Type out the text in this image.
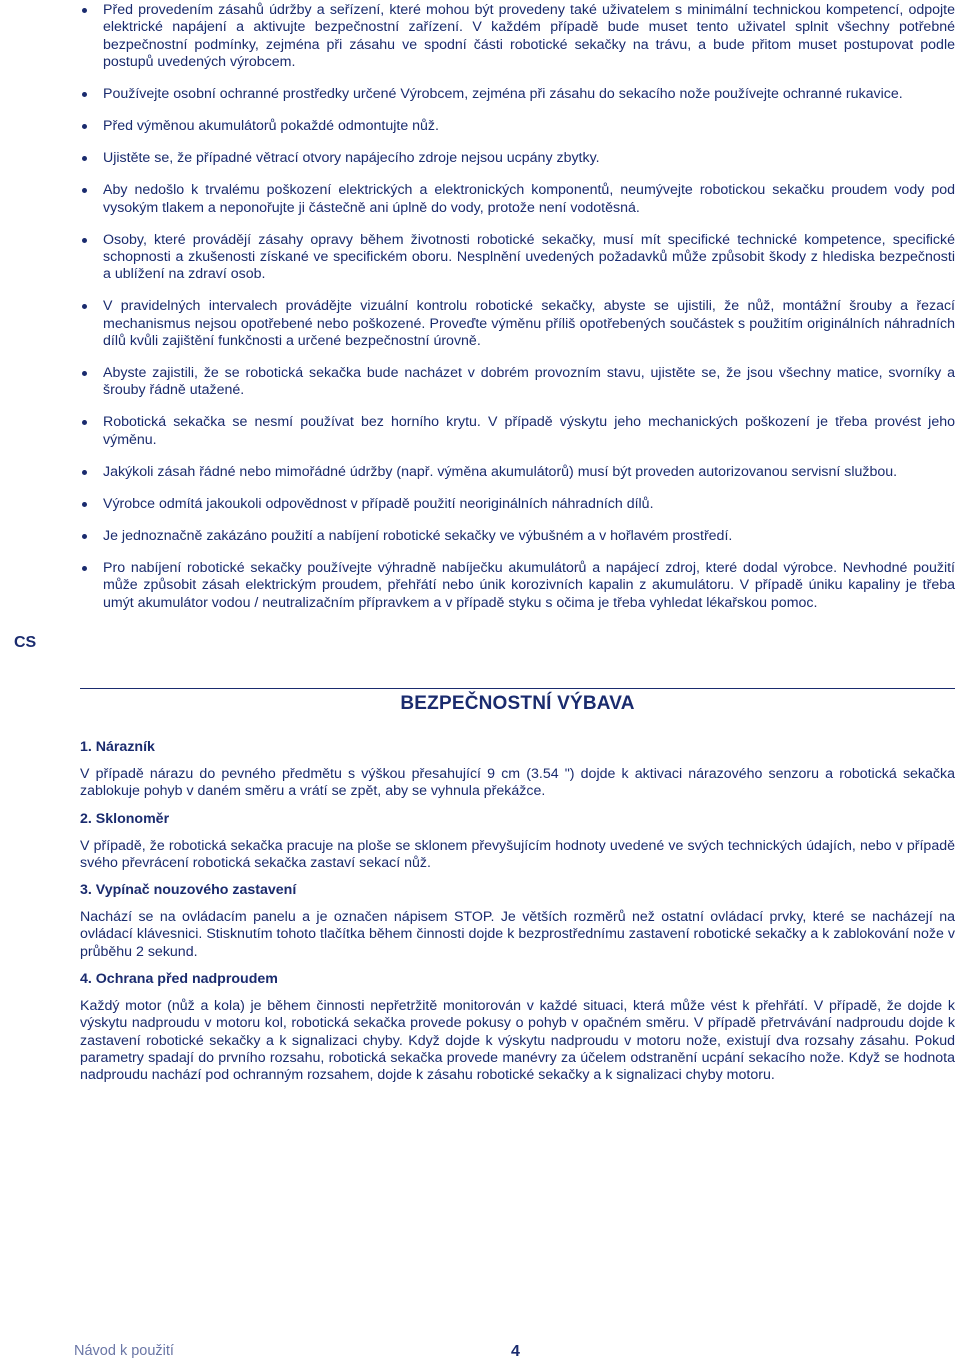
Před provedením zásahů údržby a seřízení, které mohou být provedeny také uživatelem s minimální technickou kompetencí, odpojte elektrické napájení a aktivujte bezpečnostní zařízení. V každém případě bude muset tento uživatel splnit všechny potřebné bezpečnostní podmínky, zejména při zásahu ve spodní části robotické sekačky na trávu, a bude přitom muset postupovat podle postupů uvedených výrobcem.
Používejte osobní ochranné prostředky určené Výrobcem, zejména při zásahu do sekacího nože používejte ochranné rukavice.
Před výměnou akumulátorů pokaždé odmontujte nůž.
Ujistěte se, že případné větrací otvory napájecího zdroje nejsou ucpány zbytky.
Aby nedošlo k trvalému poškození elektrických a elektronických komponentů, neumývejte robotickou sekačku proudem vody pod vysokým tlakem a neponořujte ji částečně ani úplně do vody, protože není vodotěsná.
Osoby, které provádějí zásahy opravy během životnosti robotické sekačky, musí mít specifické technické kompetence, specifické schopnosti a zkušenosti získané ve specifickém oboru. Nesplnění uvedených požadavků může způsobit škody z hlediska bezpečnosti a ublížení na zdraví osob.
V pravidelných intervalech provádějte vizuální kontrolu robotické sekačky, abyste se ujistili, že nůž, montážní šrouby a řezací mechanismus nejsou opotřebené nebo poškozené. Proveďte výměnu příliš opotřebených součástek s použitím originálních náhradních dílů kvůli zajištění funkčnosti a určené bezpečnostní úrovně.
Abyste zajistili, že se robotická sekačka bude nacházet v dobrém provozním stavu, ujistěte se, že jsou všechny matice, svorníky a šrouby řádně utažené.
Robotická sekačka se nesmí používat bez horního krytu. V případě výskytu jeho mechanických poškození je třeba provést jeho výměnu.
Jakýkoli zásah řádné nebo mimořádné údržby (např. výměna akumulátorů) musí být proveden autorizovanou servisní službou.
Výrobce odmítá jakoukoli odpovědnost v případě použití neoriginálních náhradních dílů.
Je jednoznačně zakázáno použití a nabíjení robotické sekačky ve výbušném a v hořlavém prostředí.
Pro nabíjení robotické sekačky používejte výhradně nabíječku akumulátorů a napájecí zdroj, které dodal výrobce. Nevhodné použití může způsobit zásah elektrickým proudem, přehřátí nebo únik korozivních kapalin z akumulátoru. V případě úniku kapaliny je třeba umýt akumulátor vodou / neutralizačním přípravkem a v případě styku s očima je třeba vyhledat lékařskou pomoc.
CS
BEZPEČNOSTNÍ VÝBAVA
1. Nárazník
V případě nárazu do pevného předmětu s výškou přesahující 9 cm (3.54 ") dojde k aktivaci nárazového senzoru a robotická sekačka zablokuje pohyb v daném směru a vrátí se zpět, aby se vyhnula překážce.
2. Sklonoměr
V případě, že robotická sekačka pracuje na ploše se sklonem převyšujícím hodnoty uvedené ve svých technických údajích, nebo v případě svého převrácení robotická sekačka zastaví sekací nůž.
3. Vypínač nouzového zastavení
Nachází se na ovládacím panelu a je označen nápisem STOP. Je větších rozměrů než ostatní ovládací prvky, které se nacházejí na ovládací klávesnici. Stisknutím tohoto tlačítka během činnosti dojde k bezprostřednímu zastavení robotické sekačky a k zablokování nože v průběhu 2 sekund.
4. Ochrana před nadproudem
Každý motor (nůž a kola) je během činnosti nepřetržitě monitorován v každé situaci, která může vést k přehřátí. V případě, že dojde k výskytu nadproudu v motoru kol, robotická sekačka provede pokusy o pohyb v opačném směru. V případě přetrvávání nadproudu dojde k zastavení robotické sekačky a k signalizaci chyby. Když dojde k výskytu nadproudu v motoru nože, existují dva rozsahy zásahu. Pokud parametry spadají do prvního rozsahu, robotická sekačka provede manévry za účelem odstranění ucpání sekacího nože. Když se hodnota nadproudu nachází pod ochranným rozsahem, dojde k zásahu robotické sekačky a k signalizaci chyby motoru.
Návod k použití	4
